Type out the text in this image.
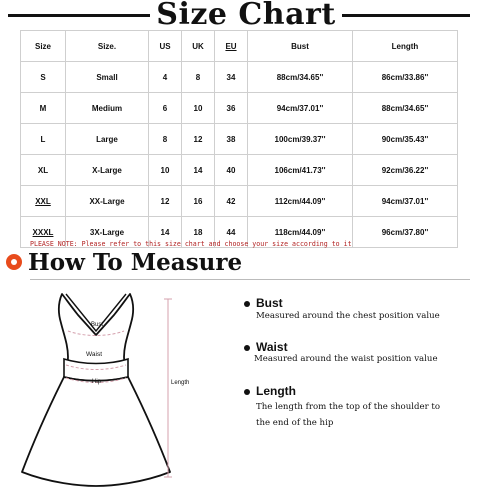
Size Chart
Size	Size.	US	UK	EU	Bust	Length
S	Small	4	8	34	88cm/34.65''	86cm/33.86''
M	Medium	6	10	36	94cm/37.01''	88cm/34.65''
L	Large	8	12	38	100cm/39.37''	90cm/35.43''
XL	X-Large	10	14	40	106cm/41.73''	92cm/36.22''
XXL	XX-Large	12	16	42	112cm/44.09''	94cm/37.01''
XXXL	3X-Large	14	18	44	118cm/44.09''	96cm/37.80''
PLEASE NOTE: Please refer to this size chart and choose your size according to it
How To Measure
Bust
Waist
Hip	Length
Bust
Measured around the chest position value
Waist
Measured around the waist position value
Length
The length from the top of the shoulder to the end of the hip
